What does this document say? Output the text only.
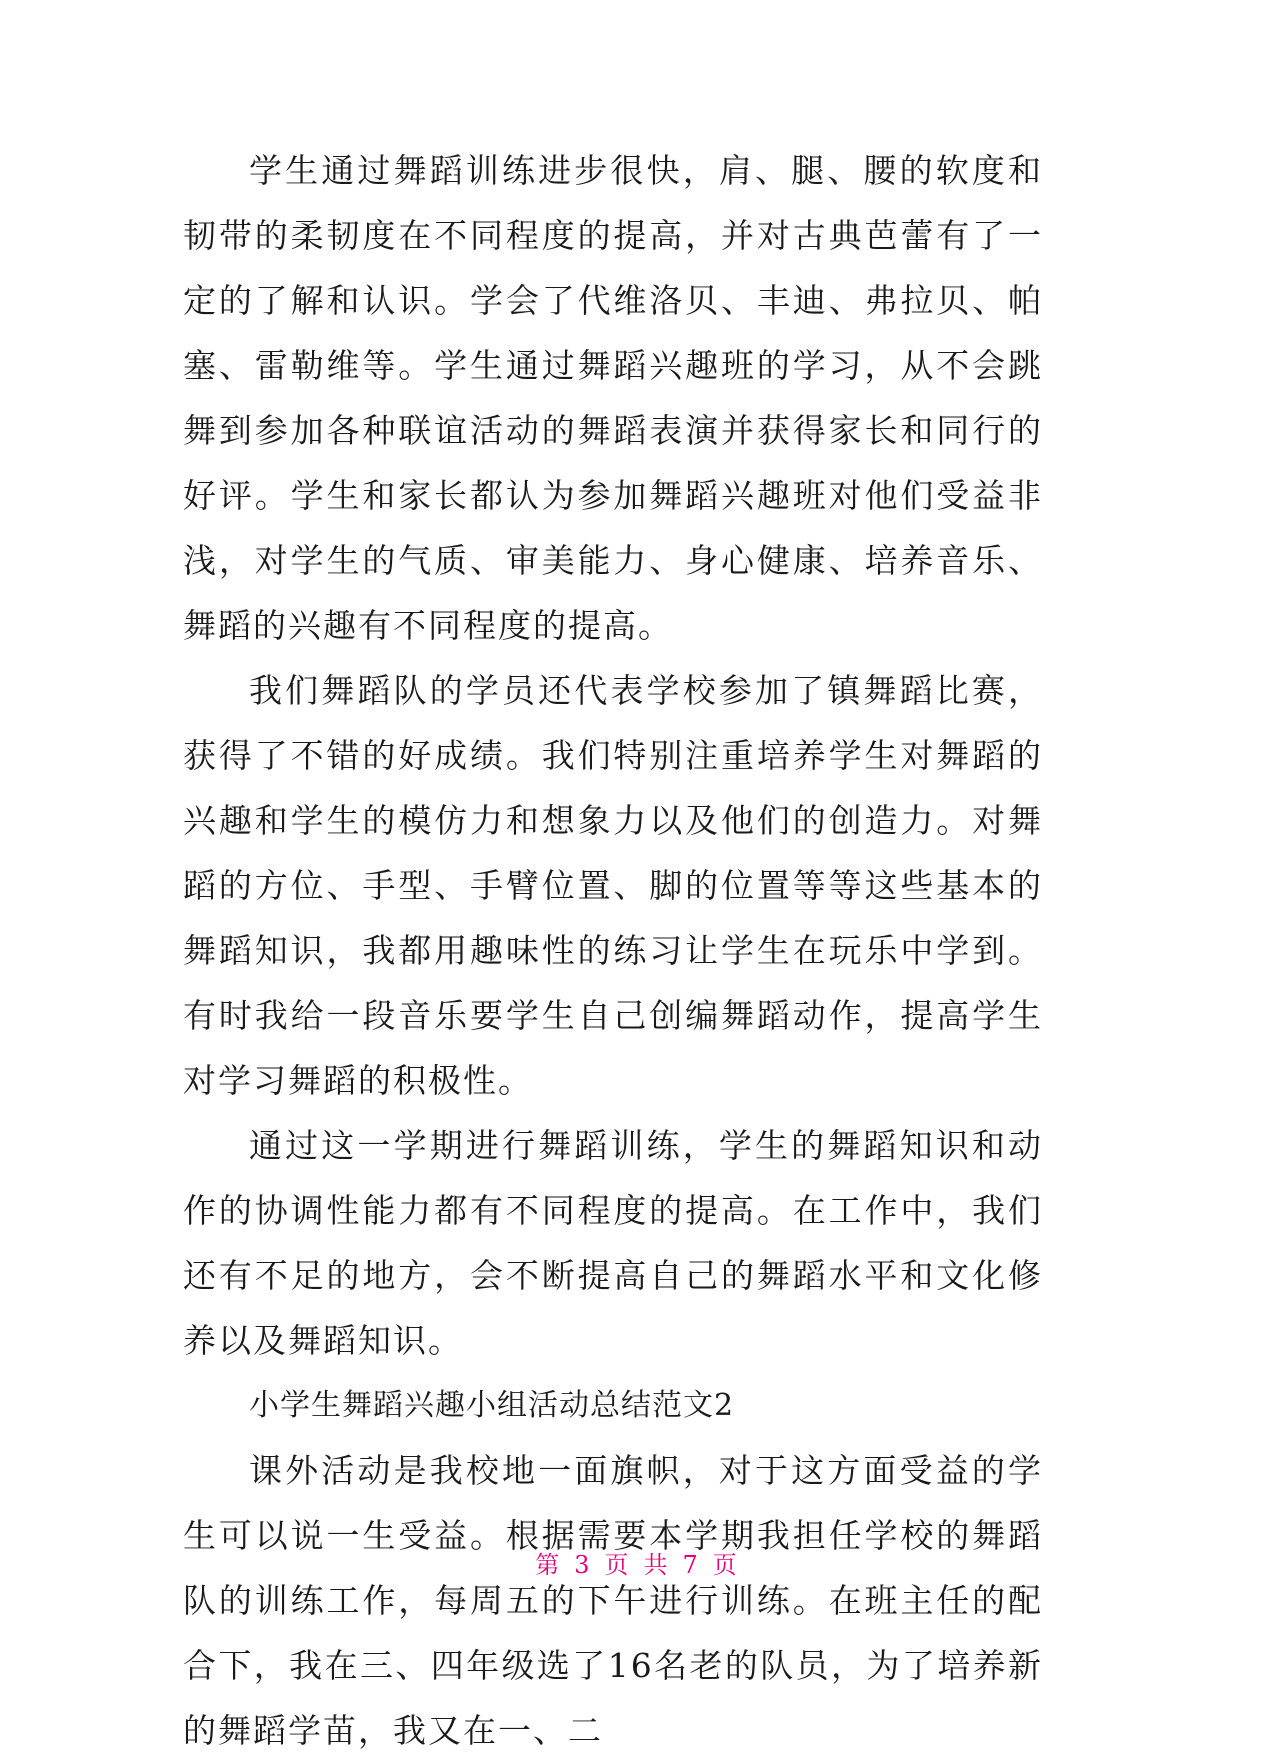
学生通过舞蹈训练进步很快，肩、腿、腰的软度和韧带的柔韧度在不同程度的提高，并对古典芭蕾有了一定的了解和认识。学会了代维洛贝、丰迪、弗拉贝、帕塞、雷勒维等。学生通过舞蹈兴趣班的学习，从不会跳舞到参加各种联谊活动的舞蹈表演并获得家长和同行的好评。学生和家长都认为参加舞蹈兴趣班对他们受益非浅，对学生的气质、审美能力、身心健康、培养音乐、舞蹈的兴趣有不同程度的提高。

我们舞蹈队的学员还代表学校参加了镇舞蹈比赛，获得了不错的好成绩。我们特别注重培养学生对舞蹈的兴趣和学生的模仿力和想象力以及他们的创造力。对舞蹈的方位、手型、手臂位置、脚的位置等等这些基本的舞蹈知识，我都用趣味性的练习让学生在玩乐中学到。有时我给一段音乐要学生自己创编舞蹈动作，提高学生对学习舞蹈的积极性。

通过这一学期进行舞蹈训练，学生的舞蹈知识和动作的协调性能力都有不同程度的提高。在工作中，我们还有不足的地方，会不断提高自己的舞蹈水平和文化修养以及舞蹈知识。

小学生舞蹈兴趣小组活动总结范文2

课外活动是我校地一面旗帜，对于这方面受益的学生可以说一生受益。根据需要本学期我担任学校的舞蹈队的训练工作，每周五的下午进行训练。在班主任的配合下，我在三、四年级选了16名老的队员，为了培养新的舞蹈学苗，我又在一、二

第 3 页 共 7 页
